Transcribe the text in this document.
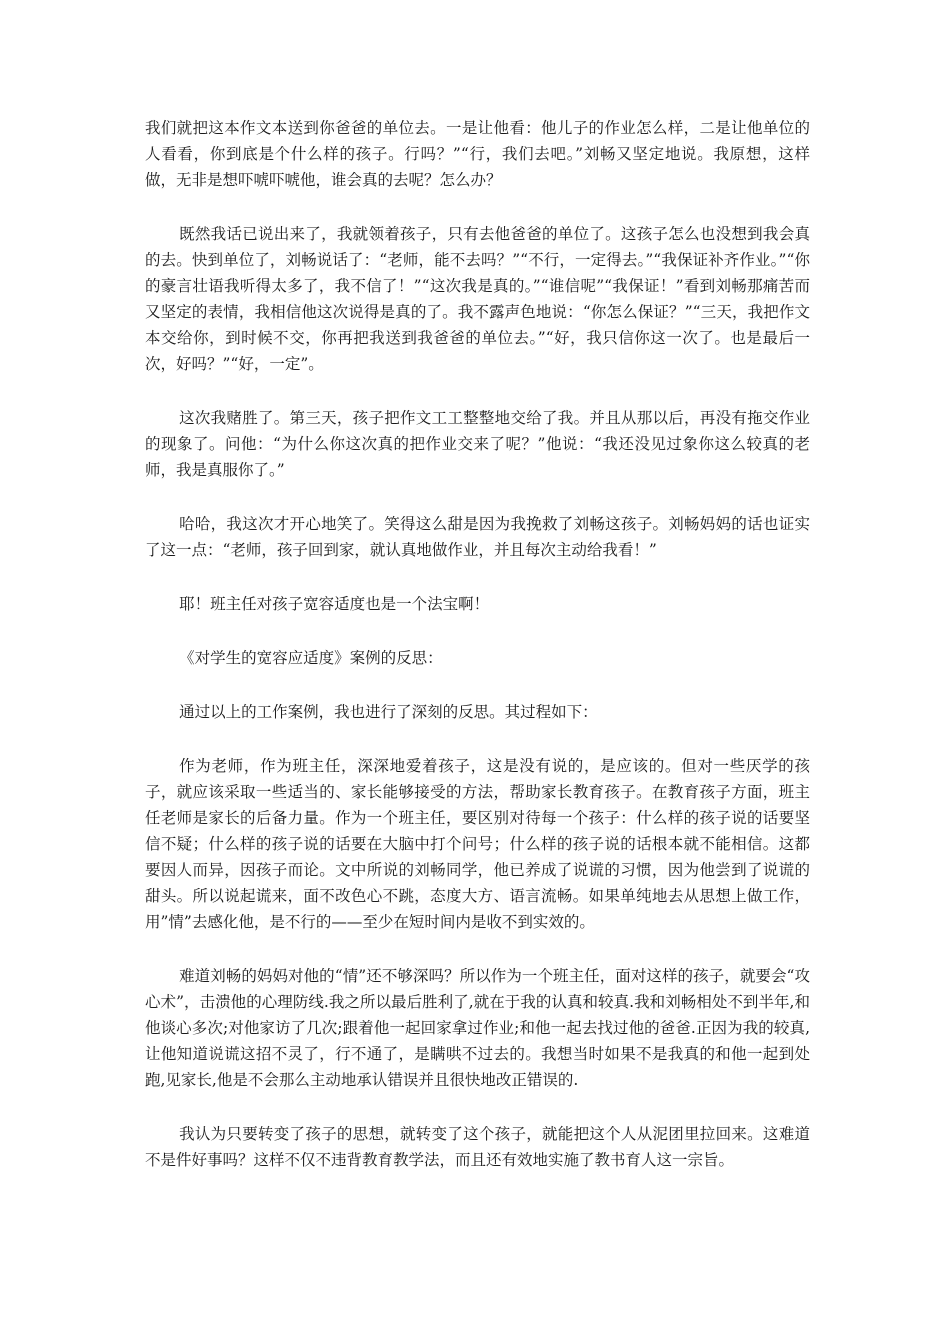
我们就把这本作文本送到你爸爸的单位去。一是让他看：他儿子的作业怎么样，二是让他单位的人看看，你到底是个什么样的孩子。行吗？”“行，我们去吧。”刘畅又坚定地说。我原想，这样做，无非是想吓唬吓唬他，谁会真的去呢？怎么办？

既然我话已说出来了，我就领着孩子，只有去他爸爸的单位了。这孩子怎么也没想到我会真的去。快到单位了，刘畅说话了：“老师，能不去吗？”“不行，一定得去。”“我保证补齐作业。”“你的豪言壮语我听得太多了，我不信了！”“这次我是真的。”“谁信呢”“我保证！”看到刘畅那痛苦而又坚定的表情，我相信他这次说得是真的了。我不露声色地说：“你怎么保证？”“三天，我把作文本交给你，到时候不交，你再把我送到我爸爸的单位去。”“好，我只信你这一次了。也是最后一次，好吗？”“好，一定”。

这次我赌胜了。第三天，孩子把作文工工整整地交给了我。并且从那以后，再没有拖交作业的现象了。问他：“为什么你这次真的把作业交来了呢？”他说：“我还没见过象你这么较真的老师，我是真服你了。”

哈哈，我这次才开心地笑了。笑得这么甜是因为我挽救了刘畅这孩子。刘畅妈妈的话也证实了这一点：“老师，孩子回到家，就认真地做作业，并且每次主动给我看！”

耶！班主任对孩子宽容适度也是一个法宝啊！

《对学生的宽容应适度》案例的反思：

通过以上的工作案例，我也进行了深刻的反思。其过程如下：

作为老师，作为班主任，深深地爱着孩子，这是没有说的，是应该的。但对一些厌学的孩子，就应该采取一些适当的、家长能够接受的方法，帮助家长教育孩子。在教育孩子方面，班主任老师是家长的后备力量。作为一个班主任，要区别对待每一个孩子：什么样的孩子说的话要坚信不疑；什么样的孩子说的话要在大脑中打个问号；什么样的孩子说的话根本就不能相信。这都要因人而异，因孩子而论。文中所说的刘畅同学，他已养成了说谎的习惯，因为他尝到了说谎的甜头。所以说起谎来，面不改色心不跳，态度大方、语言流畅。如果单纯地去从思想上做工作，用”情”去感化他，是不行的——至少在短时间内是收不到实效的。

难道刘畅的妈妈对他的“情”还不够深吗？所以作为一个班主任，面对这样的孩子，就要会“攻心术”，击溃他的心理防线.我之所以最后胜利了,就在于我的认真和较真.我和刘畅相处不到半年,和他谈心多次;对他家访了几次;跟着他一起回家拿过作业;和他一起去找过他的爸爸.正因为我的较真,让他知道说谎这招不灵了，行不通了，是瞒哄不过去的。我想当时如果不是我真的和他一起到处跑,见家长,他是不会那么主动地承认错误并且很快地改正错误的.

我认为只要转变了孩子的思想，就转变了这个孩子，就能把这个人从泥团里拉回来。这难道不是件好事吗？这样不仅不违背教育教学法，而且还有效地实施了教书育人这一宗旨。
